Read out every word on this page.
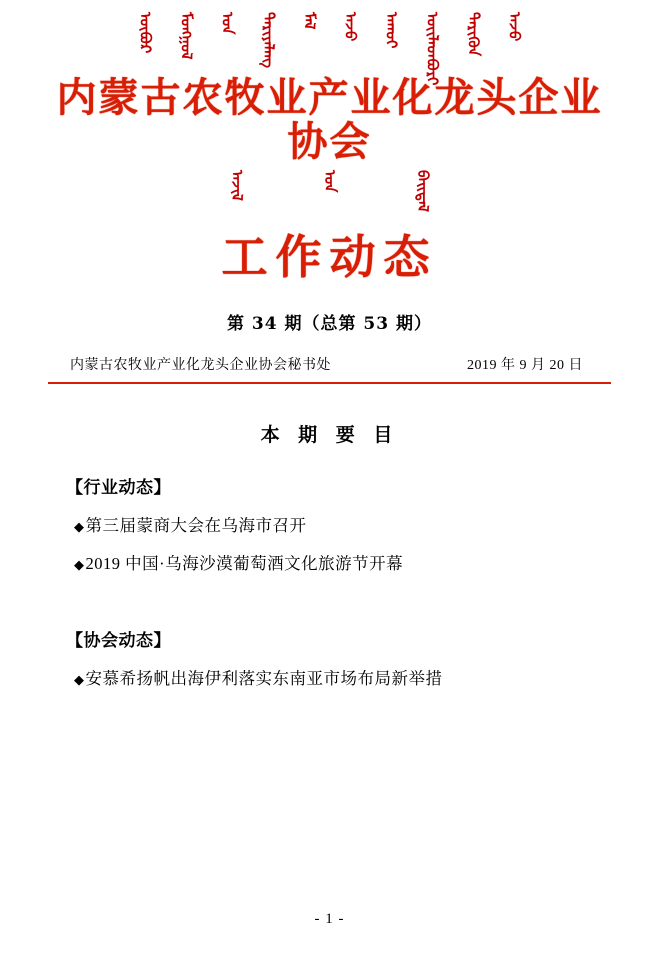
ᠦᠪᠦᠷ ᠮᠣᠩᠭᠣᠯ ᠤᠨ ᠲᠠᠷᠢᠶᠠᠯᠠᠩ ᠮᠠᠯ ᠠᠵᠤ ᠠᠬᠤᠢ ᠦᠢᠯᠡᠳᠪᠦᠷᠢ ᠲᠡᠷᠢᠭᠦᠨ ᠠᠵᠤ
内蒙古农牧业产业化龙头企业协会
ᠠᠵᠢᠯ	ᠤᠨ	ᠪᠠᠢᠳᠠᠯ
工作动态
第 34 期（总第 53 期）
内蒙古农牧业产业化龙头企业协会秘书处	2019 年 9 月 20 日
本 期 要 目
【行业动态】
◆第三届蒙商大会在乌海市召开
◆2019 中国·乌海沙漠葡萄酒文化旅游节开幕
【协会动态】
◆安慕希扬帆出海伊利落实东南亚市场布局新举措
- 1 -
